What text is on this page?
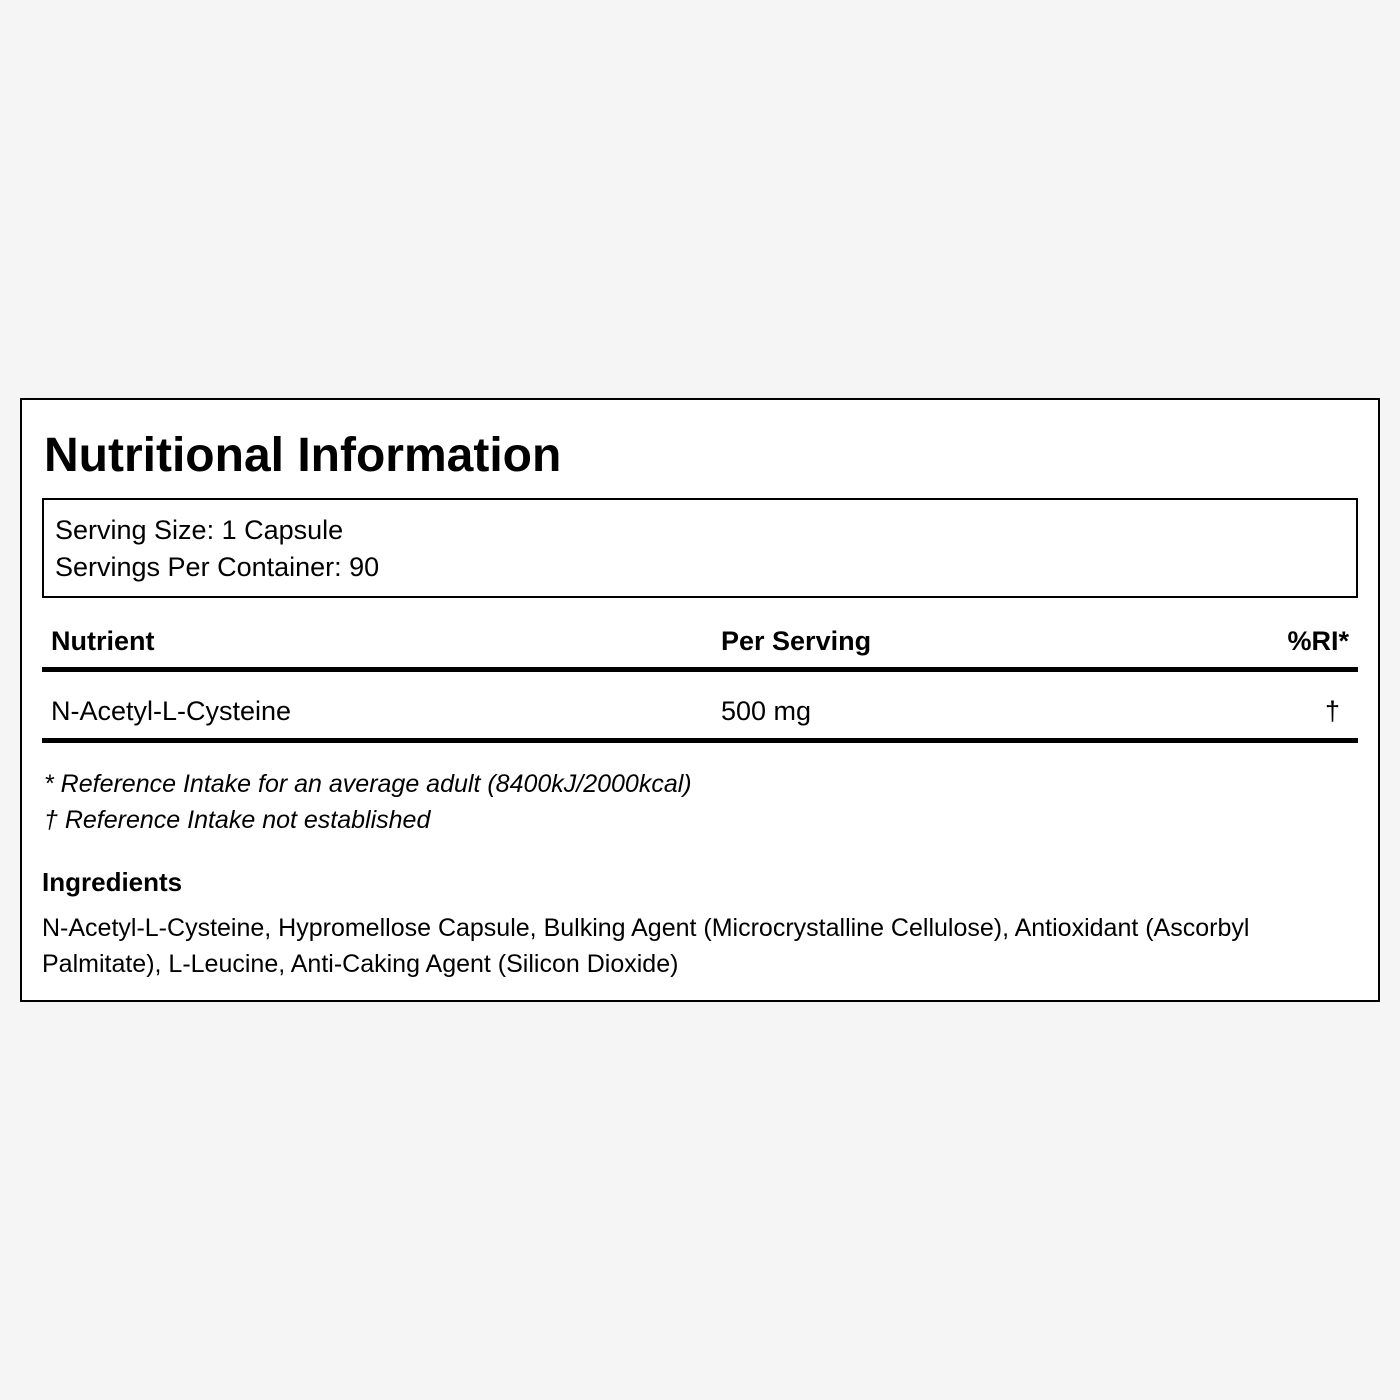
Nutritional Information
Serving Size: 1 Capsule
Servings Per Container: 90
Nutrient	Per Serving	%RI*
N-Acetyl-L-Cysteine	500 mg	†
* Reference Intake for an average adult (8400kJ/2000kcal)
† Reference Intake not established
Ingredients
N-Acetyl-L-Cysteine, Hypromellose Capsule, Bulking Agent (Microcrystalline Cellulose), Antioxidant (Ascorbyl Palmitate), L-Leucine, Anti-Caking Agent (Silicon Dioxide)
